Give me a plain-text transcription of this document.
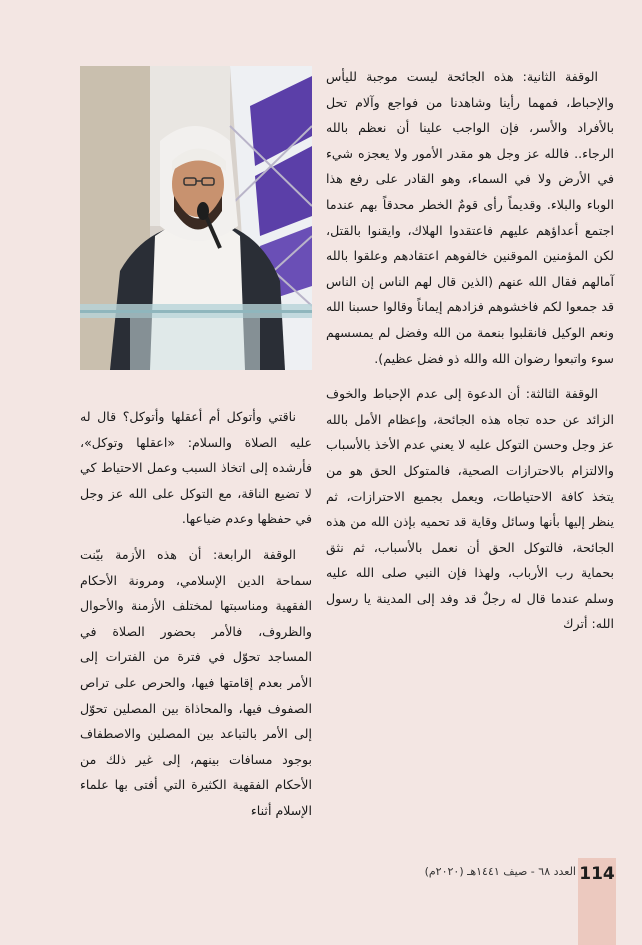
الوقفة الثانية: هذه الجائحة ليست موجبة لليأس والإحباط، فمهما رأينا وشاهدنا من فواجع وآلام تحل بالأفراد والأسر، فإن الواجب علينا أن نعظم بالله الرجاء.. فالله عز وجل هو مقدر الأمور ولا يعجزه شيء في الأرض ولا في السماء، وهو القادر على رفع هذا الوباء والبلاء. وقديماً رأى قومٌ الخطر محدقاً بهم عندما اجتمع أعداؤهم عليهم فاعتقدوا الهلاك، وايقنوا بالقتل، لكن المؤمنين الموقنين خالفوهم اعتقادهم وعلقوا بالله آمالهم فقال الله عنهم (الذين قال لهم الناس إن الناس قد جمعوا لكم فاخشوهم فزادهم إيماناً وقالوا حسبنا الله ونعم الوكيل فانقلبوا بنعمة من الله وفضل لم يمسسهم سوء واتبعوا رضوان الله والله ذو فضل عظيم).

الوقفة الثالثة: أن الدعوة إلى عدم الإحباط والخوف الزائد عن حده تجاه هذه الجائحة، وإعظام الأمل بالله عز وجل وحسن التوكل عليه لا يعني عدم الأخذ بالأسباب والالتزام بالاحترازات الصحية، فالمتوكل الحق هو من يتخذ كافة الاحتياطات، ويعمل بجميع الاحترازات، ثم ينظر إليها بأنها وسائل وقاية قد تحميه بإذن الله من هذه الجائحة، فالتوكل الحق أن نعمل بالأسباب، ثم نثق بحماية رب الأرباب، ولهذا فإن النبي صلى الله عليه وسلم عندما قال له رجلٌ قد وفد إلى المدينة يا رسول الله: أترك

ناقتي وأتوكل أم أعقلها وأتوكل؟ قال له عليه الصلاة والسلام: «اعقلها وتوكل»، فأرشده إلى اتخاذ السبب وعمل الاحتياط كي لا تضيع الناقة، مع التوكل على الله عز وجل في حفظها وعدم ضياعها.

الوقفة الرابعة: أن هذه الأزمة بيّنت سماحة الدين الإسلامي، ومرونة الأحكام الفقهية ومناسبتها لمختلف الأزمنة والأحوال والظروف، فالأمر بحضور الصلاة في المساجد تحوّل في فترة من الفترات إلى الأمر بعدم إقامتها فيها، والحرص على تراص الصفوف فيها، والمحاذاة بين المصلين تحوّل إلى الأمر بالتباعد بين المصلين والاصطفاف بوجود مسافات بينهم، إلى غير ذلك من الأحكام الفقهية الكثيرة التي أفتى بها علماء الإسلام أثناء

العدد ٦٨ - صيف ١٤٤١هـ (٢٠٢٠م) 114
